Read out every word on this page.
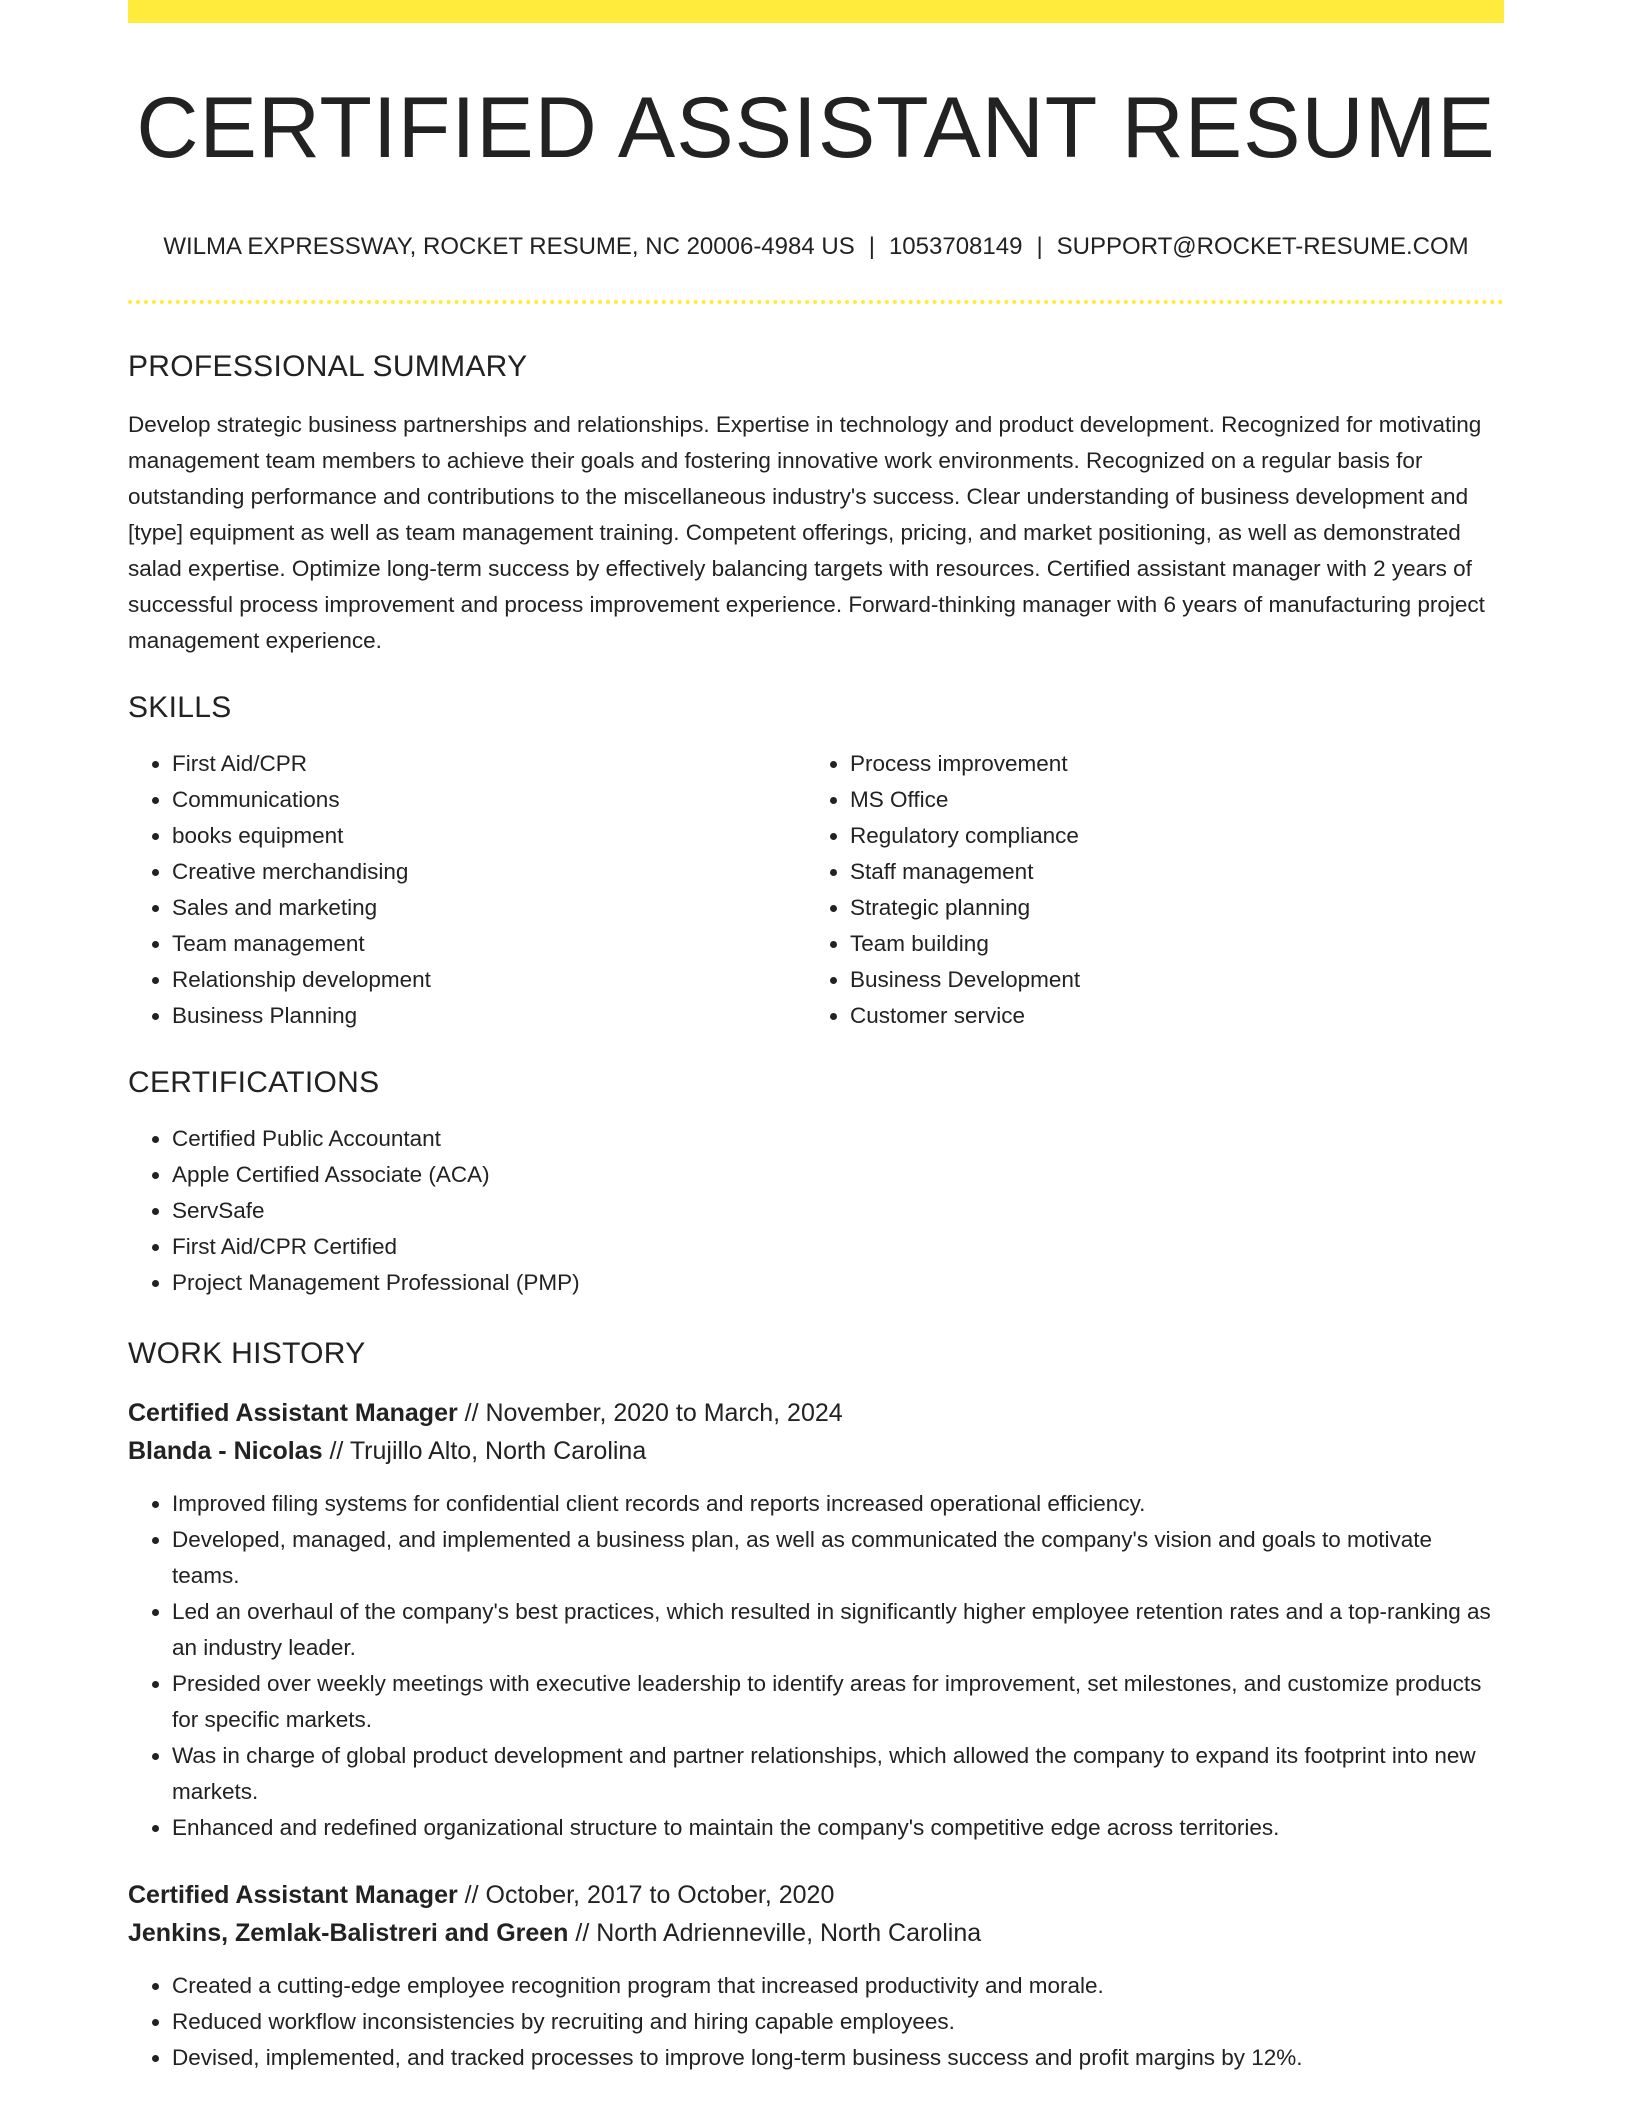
CERTIFIED ASSISTANT RESUME
WILMA EXPRESSWAY, ROCKET RESUME, NC 20006-4984 US | 1053708149 | SUPPORT@ROCKET-RESUME.COM
PROFESSIONAL SUMMARY

Develop strategic business partnerships and relationships. Expertise in technology and product development. Recognized for motivating management team members to achieve their goals and fostering innovative work environments. Recognized on a regular basis for outstanding performance and contributions to the miscellaneous industry's success. Clear understanding of business development and [type] equipment as well as team management training. Competent offerings, pricing, and market positioning, as well as demonstrated salad expertise. Optimize long-term success by effectively balancing targets with resources. Certified assistant manager with 2 years of successful process improvement and process improvement experience. Forward-thinking manager with 6 years of manufacturing project management experience.

SKILLS
• First Aid/CPR
• Communications
• books equipment
• Creative merchandising
• Sales and marketing
• Team management
• Relationship development
• Business Planning
• Process improvement
• MS Office
• Regulatory compliance
• Staff management
• Strategic planning
• Team building
• Business Development
• Customer service
CERTIFICATIONS
• Certified Public Accountant
• Apple Certified Associate (ACA)
• ServSafe
• First Aid/CPR Certified
• Project Management Professional (PMP)
WORK HISTORY
Certified Assistant Manager // November, 2020 to March, 2024
Blanda - Nicolas // Trujillo Alto, North Carolina
• Improved filing systems for confidential client records and reports increased operational efficiency.
• Developed, managed, and implemented a business plan, as well as communicated the company's vision and goals to motivate teams.
• Led an overhaul of the company's best practices, which resulted in significantly higher employee retention rates and a top-ranking as an industry leader.
• Presided over weekly meetings with executive leadership to identify areas for improvement, set milestones, and customize products for specific markets.
• Was in charge of global product development and partner relationships, which allowed the company to expand its footprint into new markets.
• Enhanced and redefined organizational structure to maintain the company's competitive edge across territories.
Certified Assistant Manager // October, 2017 to October, 2020
Jenkins, Zemlak-Balistreri and Green // North Adrienneville, North Carolina
• Created a cutting-edge employee recognition program that increased productivity and morale.
• Reduced workflow inconsistencies by recruiting and hiring capable employees.
• Devised, implemented, and tracked processes to improve long-term business success and profit margins by 12%.
